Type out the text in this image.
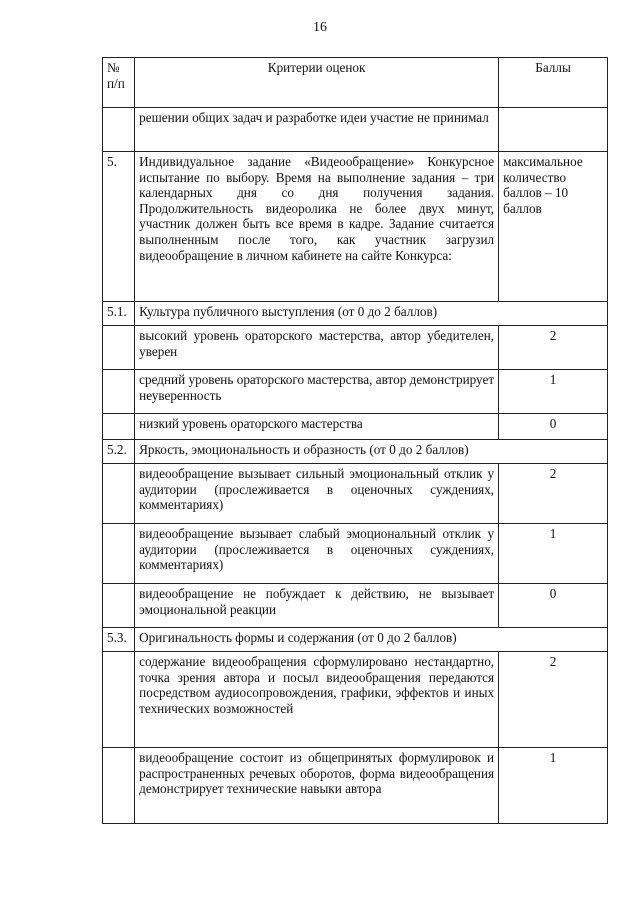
16
№ п/п	Критерии оценок	Баллы
	решении общих задач и разработке идеи участие не принимал	
5.	Индивидуальное задание «Видеообращение» Конкурсное испытание по выбору. Время на выполнение задания – три календарных дня со дня получения задания. Продолжительность видеоролика не более двух минут, участник должен быть все время в кадре. Задание считается выполненным после того, как участник загрузил видеообращение в личном кабинете на сайте Конкурса:	максимальное количество баллов – 10 баллов
5.1.	Культура публичного выступления (от 0 до 2 баллов)	
	высокий уровень ораторского мастерства, автор убедителен, уверен	2
	средний уровень ораторского мастерства, автор демонстрирует неуверенность	1
	низкий уровень ораторского мастерства	0
5.2.	Яркость, эмоциональность и образность (от 0 до 2 баллов)	
	видеообращение вызывает сильный эмоциональный отклик у аудитории (прослеживается в оценочных суждениях, комментариях)	2
	видеообращение вызывает слабый эмоциональный отклик у аудитории (прослеживается в оценочных суждениях, комментариях)	1
	видеообращение не побуждает к действию, не вызывает эмоциональной реакции	0
5.3.	Оригинальность формы и содержания (от 0 до 2 баллов)	
	содержание видеообращения сформулировано нестандартно, точка зрения автора и посыл видеообращения передаются посредством аудиосопровождения, графики, эффектов и иных технических возможностей	2
	видеообращение состоит из общепринятых формулировок и распространенных речевых оборотов, форма видеообращения демонстрирует технические навыки автора	1
